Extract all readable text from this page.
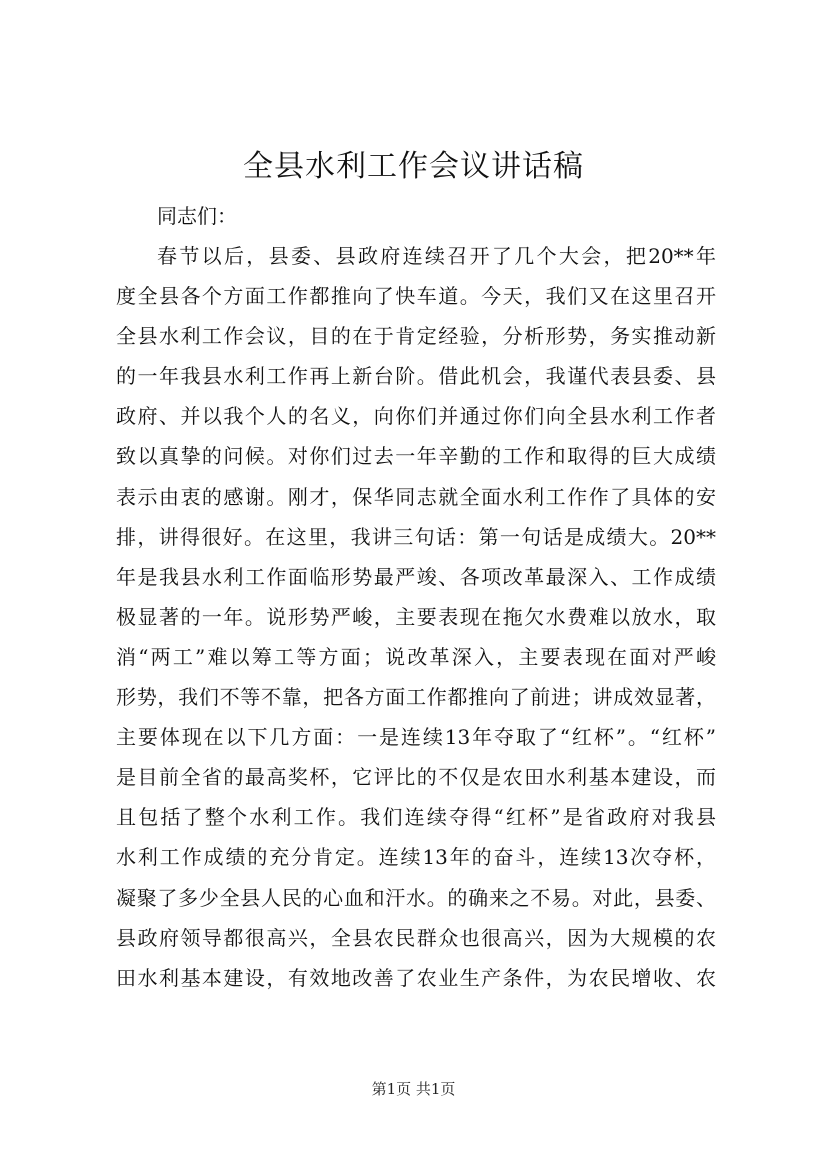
全县水利工作会议讲话稿
同志们：
春节以后，县委、县政府连续召开了几个大会，把20**年
度全县各个方面工作都推向了快车道。今天，我们又在这里召开
全县水利工作会议，目的在于肯定经验，分析形势，务实推动新
的一年我县水利工作再上新台阶。借此机会，我谨代表县委、县
政府、并以我个人的名义，向你们并通过你们向全县水利工作者
致以真挚的问候。对你们过去一年辛勤的工作和取得的巨大成绩
表示由衷的感谢。刚才，保华同志就全面水利工作作了具体的安
排，讲得很好。在这里，我讲三句话：第一句话是成绩大。20**
年是我县水利工作面临形势最严竣、各项改革最深入、工作成绩
极显著的一年。说形势严峻，主要表现在拖欠水费难以放水，取
消“两工”难以筹工等方面；说改革深入，主要表现在面对严峻
形势，我们不等不靠，把各方面工作都推向了前进；讲成效显著，
主要体现在以下几方面：一是连续13年夺取了“红杯”。“红杯”
是目前全省的最高奖杯，它评比的不仅是农田水利基本建设，而
且包括了整个水利工作。我们连续夺得“红杯”是省政府对我县
水利工作成绩的充分肯定。连续13年的奋斗，连续13次夺杯，
凝聚了多少全县人民的心血和汗水。的确来之不易。对此，县委、
县政府领导都很高兴，全县农民群众也很高兴，因为大规模的农
田水利基本建设，有效地改善了农业生产条件，为农民增收、农
第1页 共1页
